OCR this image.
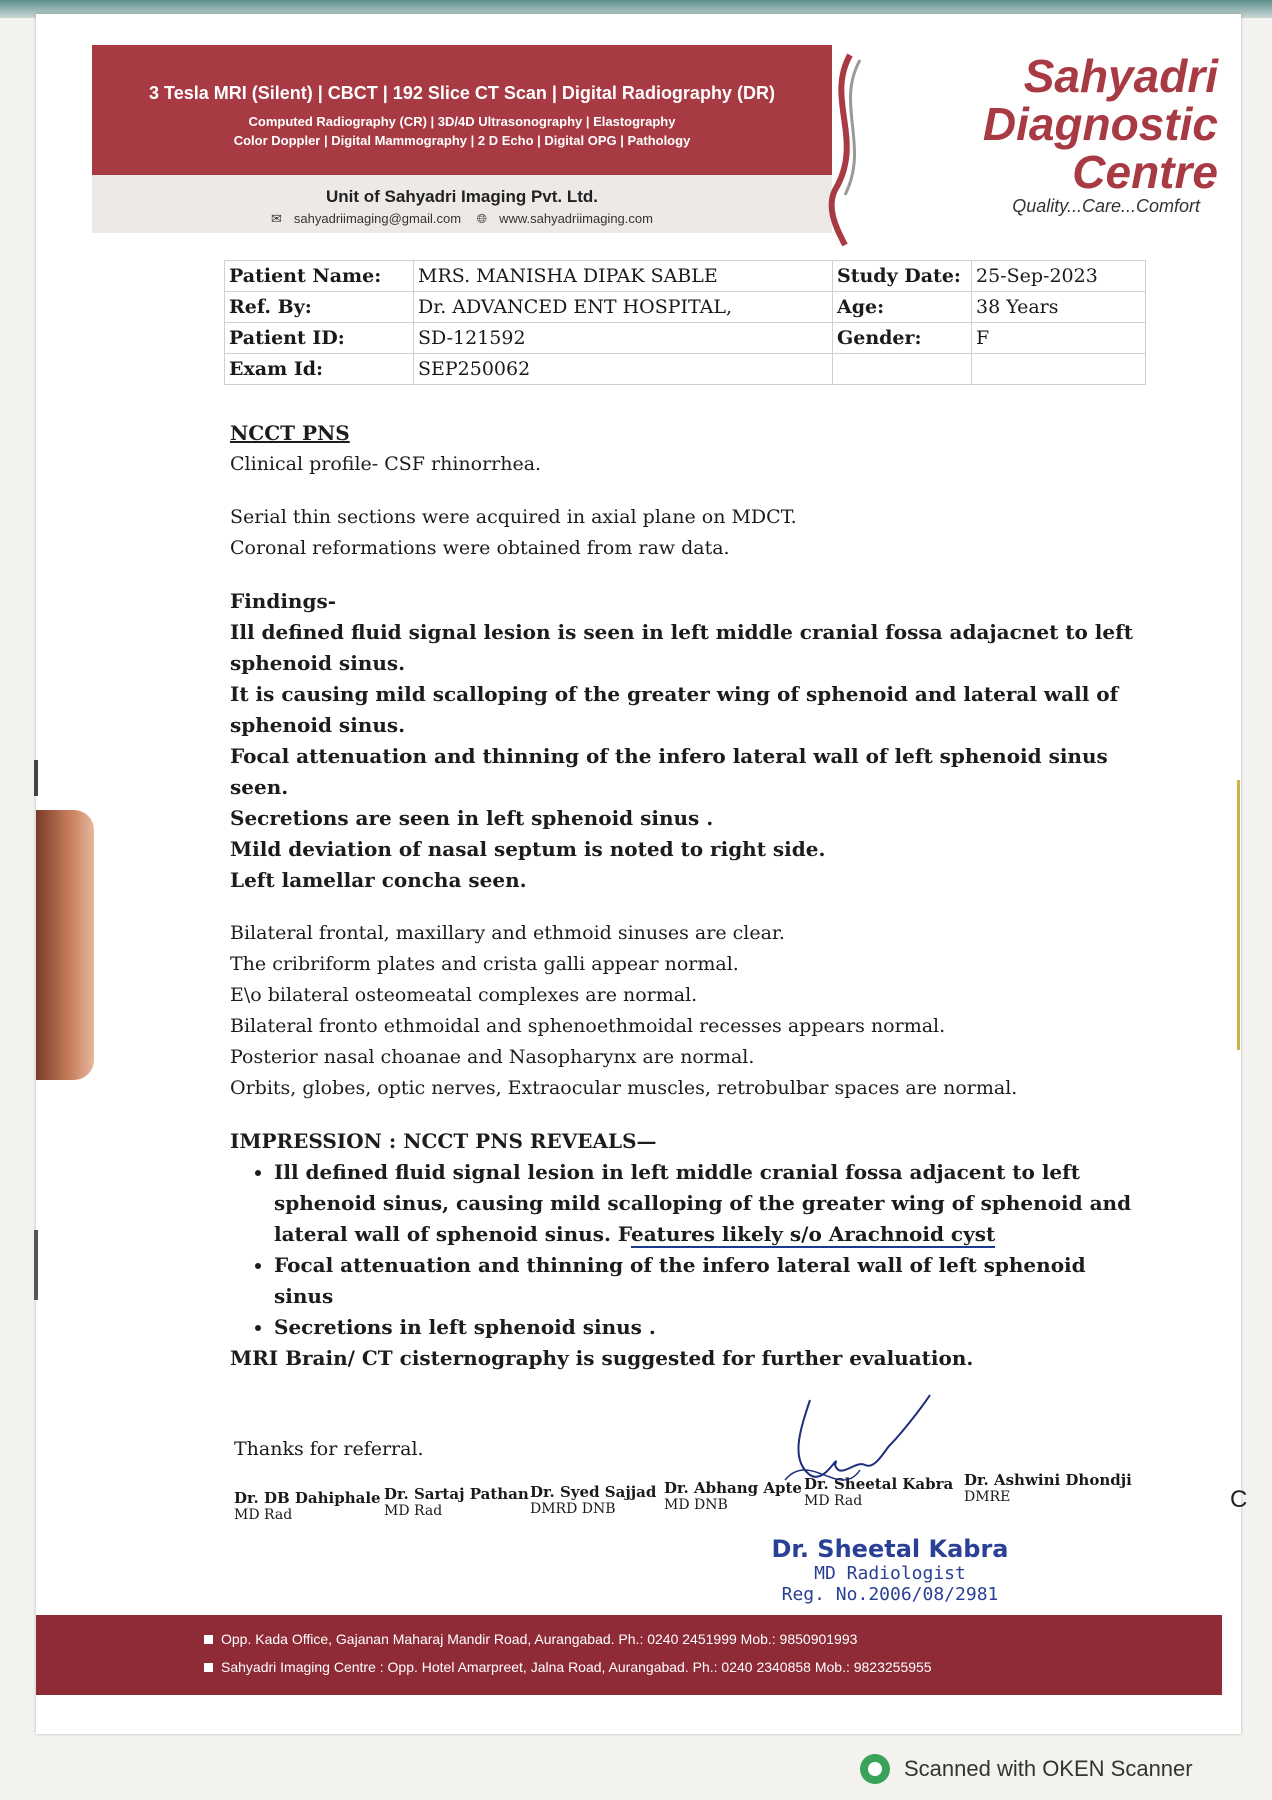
3 Tesla MRI (Silent) | CBCT | 192 Slice CT Scan | Digital Radiography (DR)
Computed Radiography (CR) | 3D/4D Ultrasonography | Elastography
Color Doppler | Digital Mammography | 2 D Echo | Digital OPG | Pathology
Unit of Sahyadri Imaging Pvt. Ltd.
✉ sahyadriimaging@gmail.com 🌐︎ www.sahyadriimaging.com
Sahyadri
Diagnostic
Centre
Quality...Care...Comfort
Patient Name:	MRS. MANISHA DIPAK SABLE	Study Date:	25-Sep-2023
Ref. By:	Dr. ADVANCED ENT HOSPITAL,	Age:	38 Years
Patient ID:	SD-121592	Gender:	F
Exam Id:	SEP250062		

NCCT PNS

Clinical profile- CSF rhinorrhea.

Serial thin sections were acquired in axial plane on MDCT.

Coronal reformations were obtained from raw data.

Findings-

Ill defined fluid signal lesion is seen in left middle cranial fossa adajacnet to left sphenoid sinus.

It is causing mild scalloping of the greater wing of sphenoid and lateral wall of sphenoid sinus.

Focal attenuation and thinning of the infero lateral wall of left sphenoid sinus seen.

Secretions are seen in left sphenoid sinus .

Mild deviation of nasal septum is noted to right side.

Left lamellar concha seen.

Bilateral frontal, maxillary and ethmoid sinuses are clear.

The cribriform plates and crista galli appear normal.

E\o bilateral osteomeatal complexes are normal.

Bilateral fronto ethmoidal and sphenoethmoidal recesses appears normal.

Posterior nasal choanae and Nasopharynx are normal.

Orbits, globes, optic nerves, Extraocular muscles, retrobulbar spaces are normal.

IMPRESSION : NCCT PNS REVEALS—

• Ill defined fluid signal lesion in left middle cranial fossa adjacent to left sphenoid sinus, causing mild scalloping of the greater wing of sphenoid and lateral wall of sphenoid sinus. Features likely s/o Arachnoid cyst
• Focal attenuation and thinning of the infero lateral wall of left sphenoid sinus
• Secretions in left sphenoid sinus .

MRI Brain/ CT cisternography is suggested for further evaluation.

Thanks for referral.
Dr. DB Dahiphale
MD Rad
Dr. Sartaj Pathan
MD Rad
Dr. Syed Sajjad
DMRD DNB
Dr. Abhang Apte
MD DNB
Dr. Sheetal Kabra
MD Rad
Dr. Ashwini Dhondji
DMRE
Dr. Sheetal Kabra
MD Radiologist
Reg. No.2006/08/2981
C
Opp. Kada Office, Gajanan Maharaj Mandir Road, Aurangabad. Ph.: 0240 2451999 Mob.: 9850901993
Sahyadri Imaging Centre : Opp. Hotel Amarpreet, Jalna Road, Aurangabad. Ph.: 0240 2340858 Mob.: 9823255955
Scanned with OKEN Scanner
